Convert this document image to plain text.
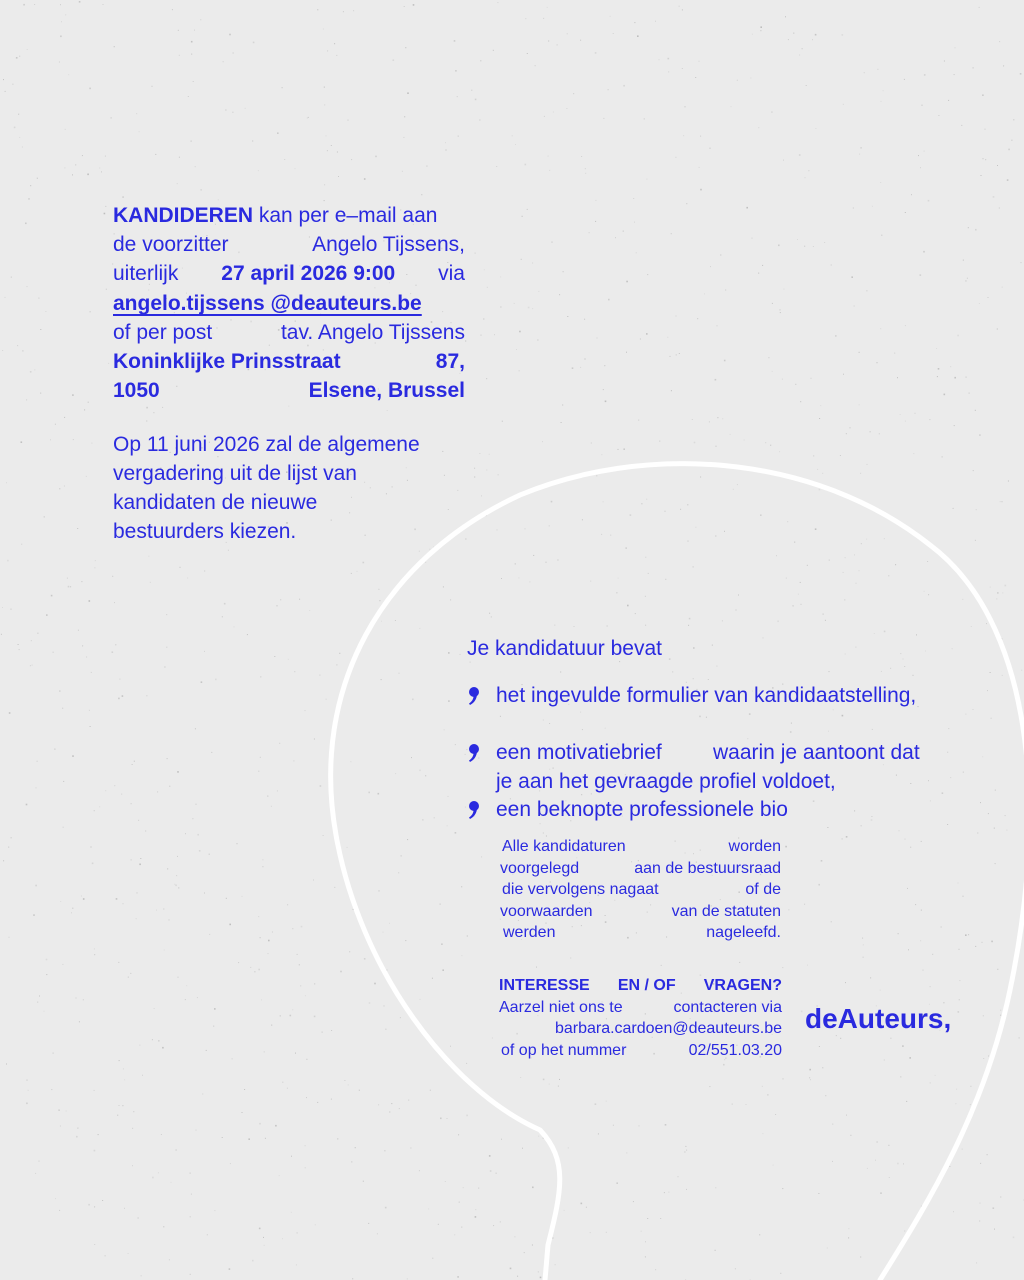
KANDIDEREN kan per e–mail aan
de voorzitter	Angelo Tijssens,
uiterlijk 27 april 2026 9:00 via
angelo.tijssens @deauteurs.be
of per post	tav. Angelo Tijssens
Koninklijke Prinsstraat	87,
1050	Elsene, Brussel
Op 11 juni 2026 zal de algemene
vergadering uit de lijst van
kandidaten de nieuwe
bestuurders kiezen.
Je kandidatuur bevat
het ingevulde formulier van kandidaatstelling,
een motivatiebrief waarin je aantoont dat
je aan het gevraagde profiel voldoet,
een beknopte professionele bio
Alle kandidaturen	worden
voorgelegd	aan de bestuursraad
die vervolgens nagaat	of de
voorwaarden	van de statuten
werden	nageleefd.
INTERESSE EN / OF VRAGEN?
Aarzel niet ons te	contacteren via
barbara.cardoen@deauteurs.be
of op het nummer	02/551.03.20
deAuteurs,
